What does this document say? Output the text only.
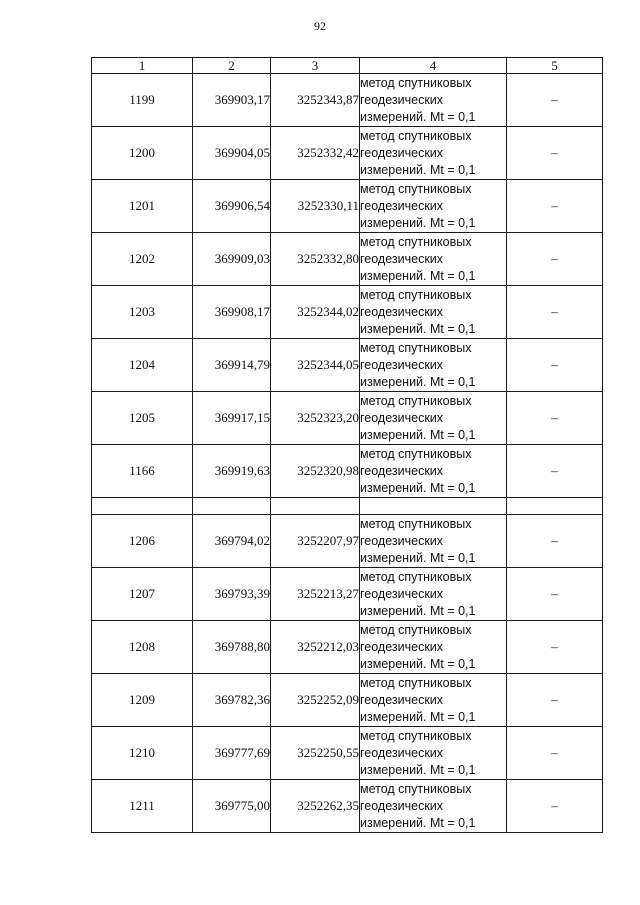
92
1	2	3	4	5
1199	369903,17	3252343,87	метод спутниковых
геодезических
измерений. Mt = 0,1	–
1200	369904,05	3252332,42	метод спутниковых
геодезических
измерений. Mt = 0,1	–
1201	369906,54	3252330,11	метод спутниковых
геодезических
измерений. Mt = 0,1	–
1202	369909,03	3252332,80	метод спутниковых
геодезических
измерений. Mt = 0,1	–
1203	369908,17	3252344,02	метод спутниковых
геодезических
измерений. Mt = 0,1	–
1204	369914,79	3252344,05	метод спутниковых
геодезических
измерений. Mt = 0,1	–
1205	369917,15	3252323,20	метод спутниковых
геодезических
измерений. Mt = 0,1	–
1166	369919,63	3252320,98	метод спутниковых
геодезических
измерений. Mt = 0,1	–

1206	369794,02	3252207,97	метод спутниковых
геодезических
измерений. Mt = 0,1	–
1207	369793,39	3252213,27	метод спутниковых
геодезических
измерений. Mt = 0,1	–
1208	369788,80	3252212,03	метод спутниковых
геодезических
измерений. Mt = 0,1	–
1209	369782,36	3252252,09	метод спутниковых
геодезических
измерений. Mt = 0,1	–
1210	369777,69	3252250,55	метод спутниковых
геодезических
измерений. Mt = 0,1	–
1211	369775,00	3252262,35	метод спутниковых
геодезических
измерений. Mt = 0,1	–
